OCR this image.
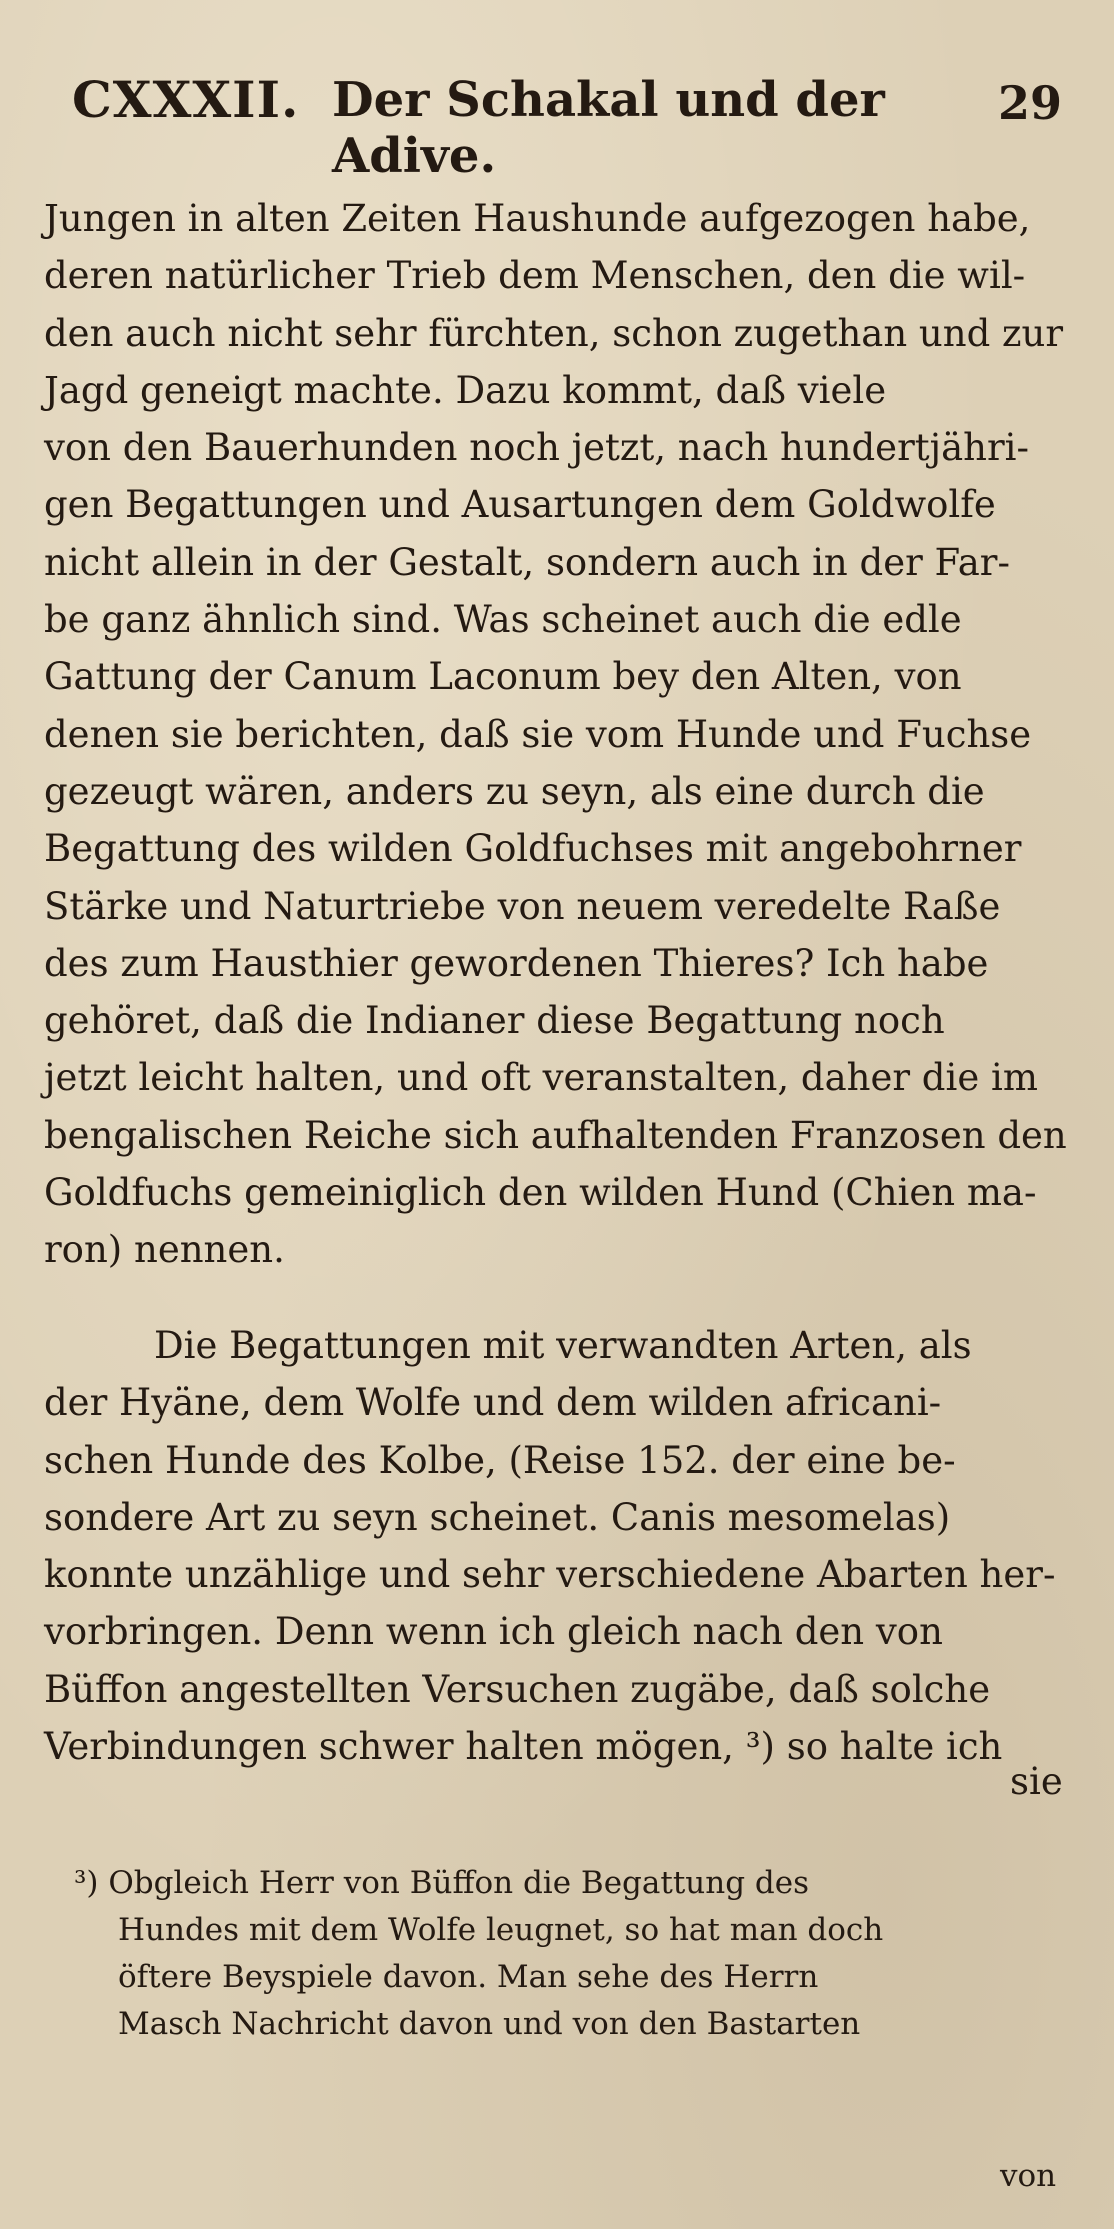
CXXXII. Der Schakal und der Adive.
29
Jungen in alten Zeiten Haushunde aufgezogen habe,
deren natürlicher Trieb dem Menschen, den die wil-
den auch nicht sehr fürchten, schon zugethan und zur
Jagd geneigt machte. Dazu kommt, daß viele
von den Bauerhunden noch jetzt, nach hundertjähri-
gen Begattungen und Ausartungen dem Goldwolfe
nicht allein in der Gestalt, sondern auch in der Far-
be ganz ähnlich sind. Was scheinet auch die edle
Gattung der Canum Laconum bey den Alten, von
denen sie berichten, daß sie vom Hunde und Fuchse
gezeugt wären, anders zu seyn, als eine durch die
Begattung des wilden Goldfuchses mit angebohrner
Stärke und Naturtriebe von neuem veredelte Raße
des zum Hausthier gewordenen Thieres? Ich habe
gehöret, daß die Indianer diese Begattung noch
jetzt leicht halten, und oft veranstalten, daher die im
bengalischen Reiche sich aufhaltenden Franzosen den
Goldfuchs gemeiniglich den wilden Hund (Chien ma-
ron) nennen.
Die Begattungen mit verwandten Arten, als
der Hyäne, dem Wolfe und dem wilden africani-
schen Hunde des Kolbe, (Reise 152. der eine be-
sondere Art zu seyn scheinet. Canis mesomelas)
konnte unzählige und sehr verschiedene Abarten her-
vorbringen. Denn wenn ich gleich nach den von
Büffon angestellten Versuchen zugäbe, daß solche
Verbindungen schwer halten mögen, ³) so halte ich
sie
³) Obgleich Herr von Büffon die Begattung des
Hundes mit dem Wolfe leugnet, so hat man doch
öftere Beyspiele davon. Man sehe des Herrn
Masch Nachricht davon und von den Bastarten
von
